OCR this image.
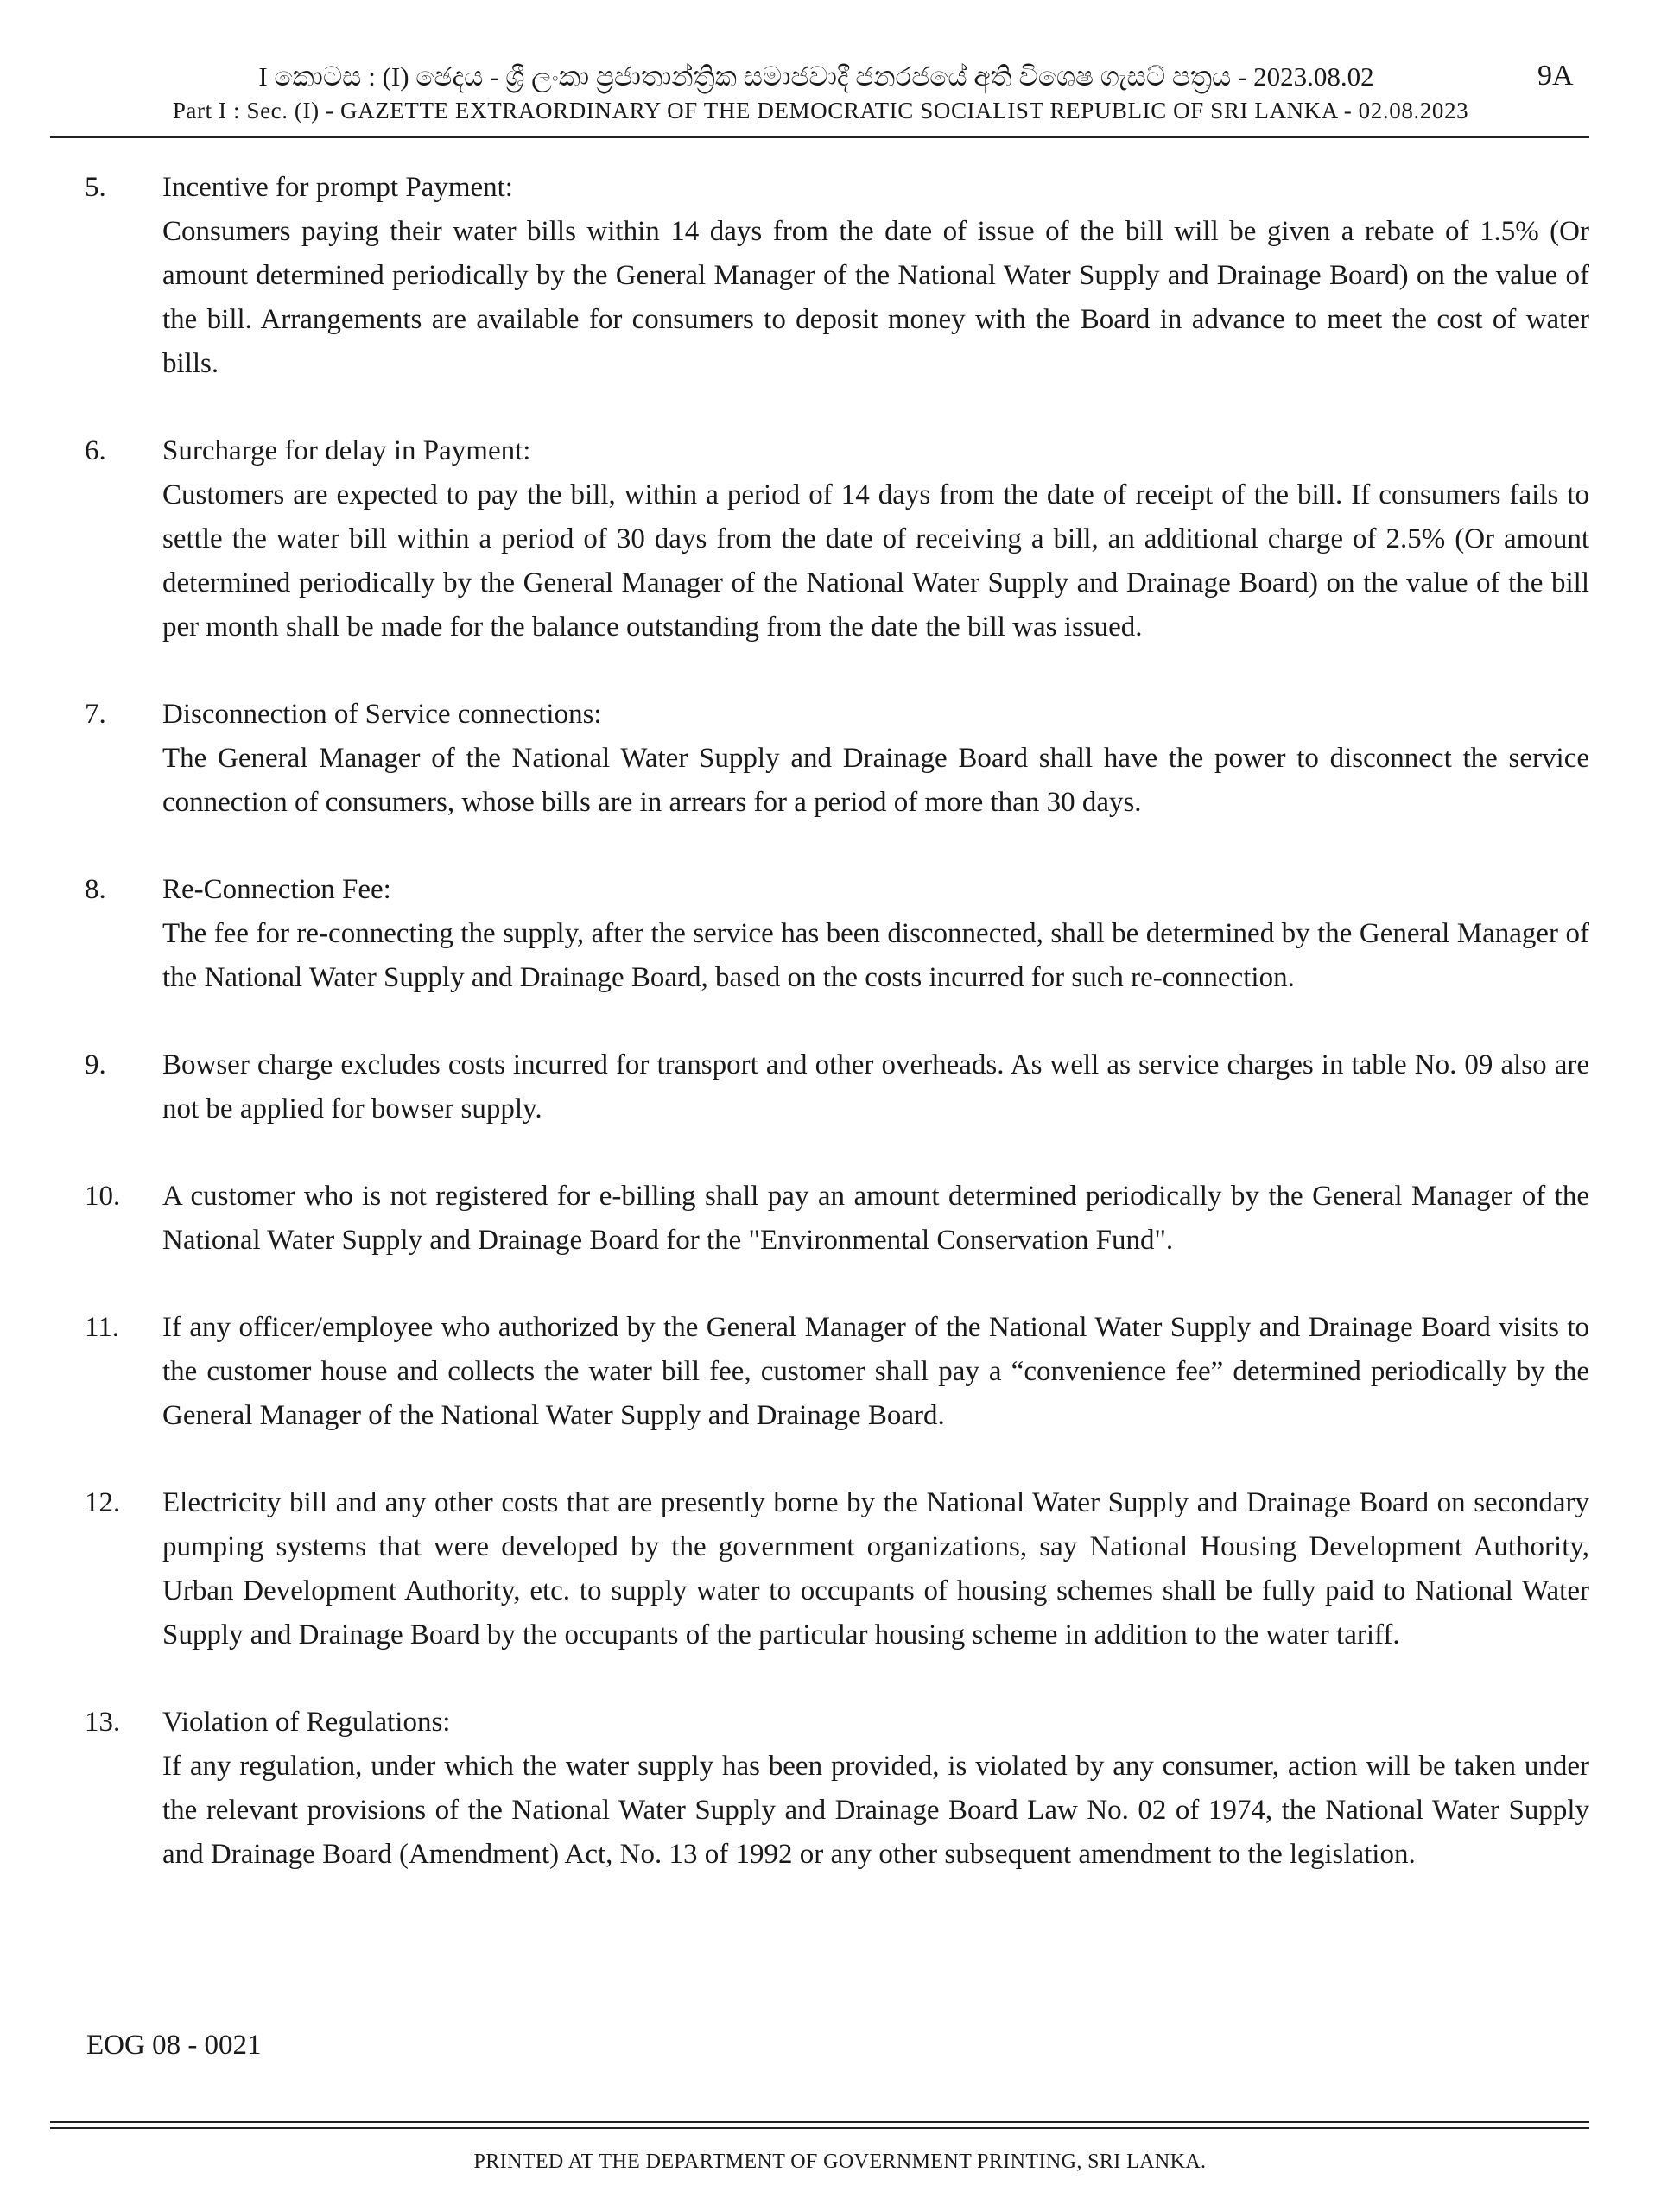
I කොටස : (I) ඡෙදය - ශ්‍රී ලංකා ප්‍රජාතාන්ත්‍රික සමාජවාදී ජනරජයේ අති විශෙෂ ගැසට් පත්‍රය - 2023.08.02
Part I : Sec. (I) - GAZETTE EXTRAORDINARY OF THE DEMOCRATIC SOCIALIST REPUBLIC OF SRI LANKA - 02.08.2023
9A
5. Incentive for prompt Payment:
Consumers paying their water bills within 14 days from the date of issue of the bill will be given a rebate of 1.5% (Or amount determined periodically by the General Manager of the National Water Supply and Drainage Board) on the value of the bill. Arrangements are available for consumers to deposit money with the Board in advance to meet the cost of water bills.
6. Surcharge for delay in Payment:
Customers are expected to pay the bill, within a period of 14 days from the date of receipt of the bill. If consumers fails to settle the water bill within a period of 30 days from the date of receiving a bill, an additional charge of 2.5% (Or amount determined periodically by the General Manager of the National Water Supply and Drainage Board) on the value of the bill per month shall be made for the balance outstanding from the date the bill was issued.
7. Disconnection of Service connections:
The General Manager of the National Water Supply and Drainage Board shall have the power to disconnect the service connection of consumers, whose bills are in arrears for a period of more than 30 days.
8. Re-Connection Fee:
The fee for re-connecting the supply, after the service has been disconnected, shall be determined by the General Manager of the National Water Supply and Drainage Board, based on the costs incurred for such re-connection.
9. Bowser charge excludes costs incurred for transport and other overheads. As well as service charges in table No. 09 also are not be applied for bowser supply.
10. A customer who is not registered for e-billing shall pay an amount determined periodically by the General Manager of the National Water Supply and Drainage Board for the "Environmental Conservation Fund".
11. If any officer/employee who authorized by the General Manager of the National Water Supply and Drainage Board visits to the customer house and collects the water bill fee, customer shall pay a “convenience fee” determined periodically by the General Manager of the National Water Supply and Drainage Board.
12. Electricity bill and any other costs that are presently borne by the National Water Supply and Drainage Board on secondary pumping systems that were developed by the government organizations, say National Housing Development Authority, Urban Development Authority, etc. to supply water to occupants of housing schemes shall be fully paid to National Water Supply and Drainage Board by the occupants of the particular housing scheme in addition to the water tariff.
13. Violation of Regulations:
If any regulation, under which the water supply has been provided, is violated by any consumer, action will be taken under the relevant provisions of the National Water Supply and Drainage Board Law No. 02 of 1974, the National Water Supply and Drainage Board (Amendment) Act, No. 13 of 1992 or any other subsequent amendment to the legislation.
EOG 08 - 0021
PRINTED AT THE DEPARTMENT OF GOVERNMENT PRINTING, SRI LANKA.
